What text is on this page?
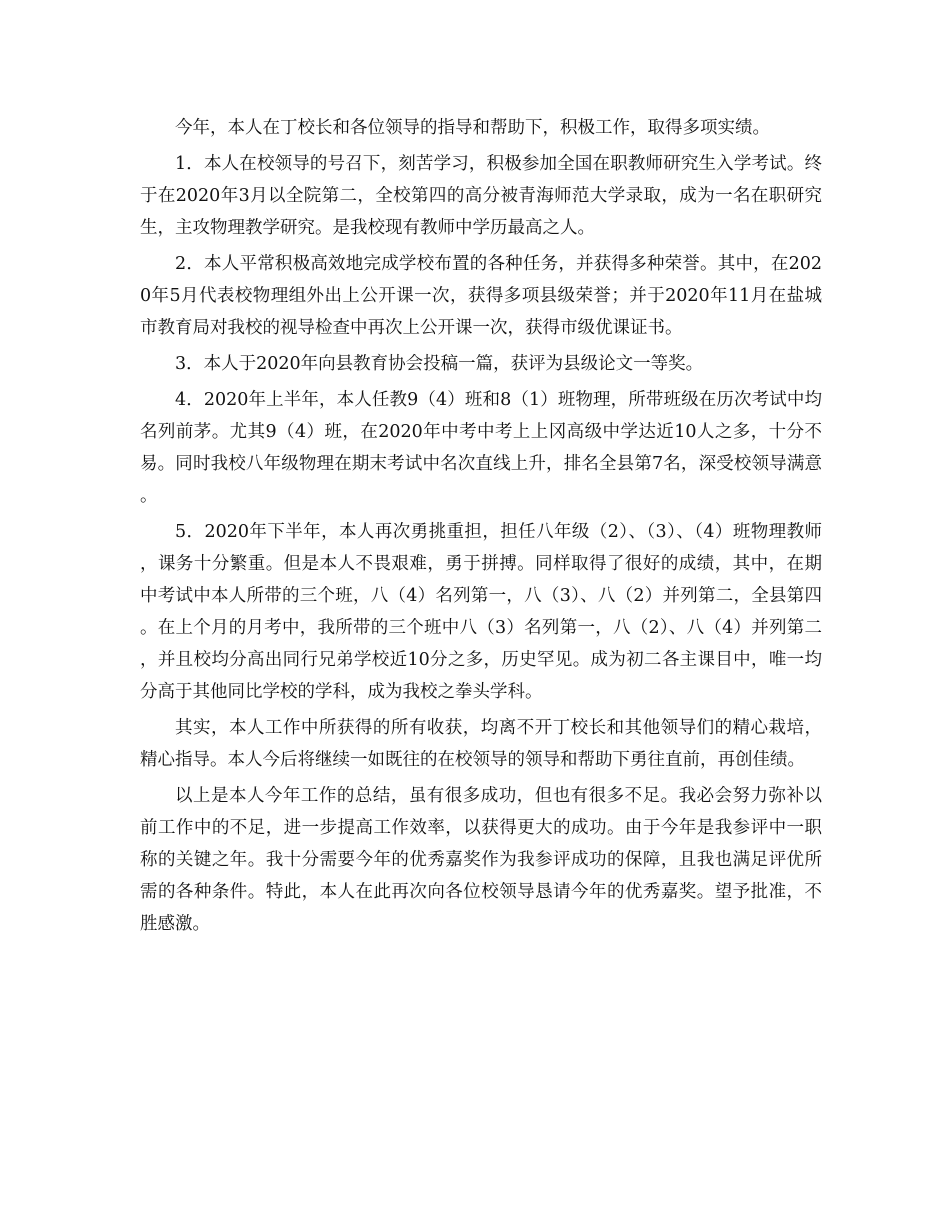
今年，本人在丁校长和各位领导的指导和帮助下，积极工作，取得多项实绩。

1．本人在校领导的号召下，刻苦学习，积极参加全国在职教师研究生入学考试。终于在2020年3月以全院第二，全校第四的高分被青海师范大学录取，成为一名在职研究生，主攻物理教学研究。是我校现有教师中学历最高之人。

2．本人平常积极高效地完成学校布置的各种任务，并获得多种荣誉。其中，在2020年5月代表校物理组外出上公开课一次，获得多项县级荣誉；并于2020年11月在盐城市教育局对我校的视导检查中再次上公开课一次，获得市级优课证书。

3．本人于2020年向县教育协会投稿一篇，获评为县级论文一等奖。

4．2020年上半年，本人任教9（4）班和8（1）班物理，所带班级在历次考试中均名列前茅。尤其9（4）班，在2020年中考中考上上冈高级中学达近10人之多，十分不易。同时我校八年级物理在期末考试中名次直线上升，排名全县第7名，深受校领导满意。

5．2020年下半年，本人再次勇挑重担，担任八年级（2）、（3）、（4）班物理教师，课务十分繁重。但是本人不畏艰难，勇于拼搏。同样取得了很好的成绩，其中，在期中考试中本人所带的三个班，八（4）名列第一，八（3）、八（2）并列第二，全县第四。在上个月的月考中，我所带的三个班中八（3）名列第一，八（2）、八（4）并列第二，并且校均分高出同行兄弟学校近10分之多，历史罕见。成为初二各主课目中，唯一均分高于其他同比学校的学科，成为我校之拳头学科。

其实，本人工作中所获得的所有收获，均离不开丁校长和其他领导们的精心栽培，精心指导。本人今后将继续一如既往的在校领导的领导和帮助下勇往直前，再创佳绩。

以上是本人今年工作的总结，虽有很多成功，但也有很多不足。我必会努力弥补以前工作中的不足，进一步提高工作效率，以获得更大的成功。由于今年是我参评中一职称的关键之年。我十分需要今年的优秀嘉奖作为我参评成功的保障，且我也满足评优所需的各种条件。特此，本人在此再次向各位校领导恳请今年的优秀嘉奖。望予批准，不胜感激。
